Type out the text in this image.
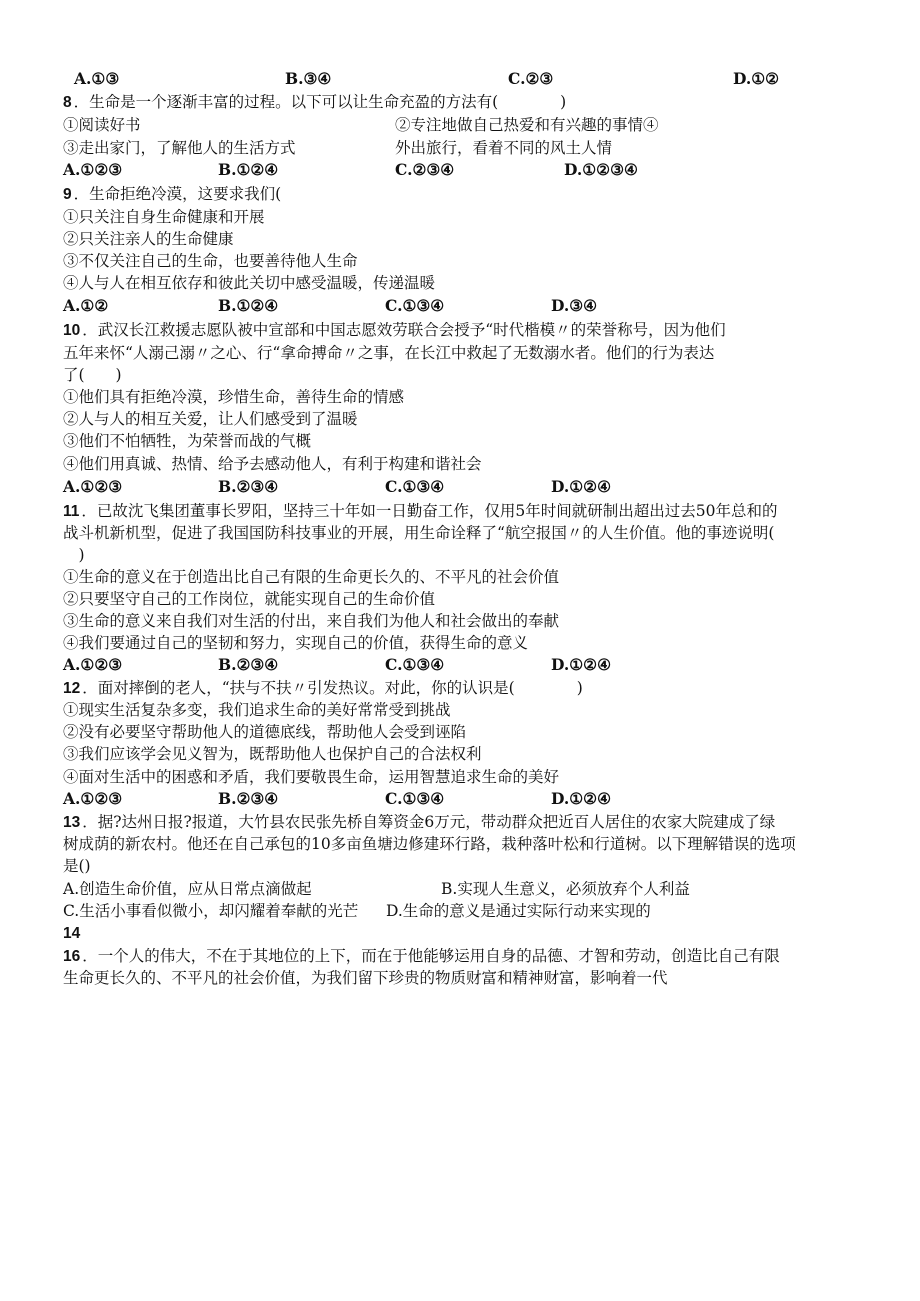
A.①③	B.③④	C.②③	D.①②
8 ．生命是一个逐渐丰富的过程。以下可以让生命充盈的方法有(　　　　)
①阅读好书	②专注地做自己热爱和有兴趣的事情④
③走出家门，了解他人的生活方式	外出旅行，看着不同的风土人情
A.①②③	B.①②④	C.②③④	D.①②③④
9 ．生命拒绝冷漠，这要求我们(
①只关注自身生命健康和开展
②只关注亲人的生命健康
③不仅关注自己的生命，也要善待他人生命
④人与人在相互依存和彼此关切中感受温暖，传递温暖
A.①②	B.①②④	C.①③④	D.③④
10 ．武汉长江救援志愿队被中宣部和中国志愿效劳联合会授予“时代楷模〃的荣誉称号，因为他们
五年来怀“人溺己溺〃之心、行“拿命搏命〃之事，在长江中救起了无数溺水者。他们的行为表达
了(　　)
①他们具有拒绝冷漠，珍惜生命，善待生命的情感
②人与人的相互关爱，让人们感受到了温暖
③他们不怕牺牲，为荣誉而战的气概
④他们用真诚、热情、给予去感动他人，有利于构建和谐社会
A.①②③	B.②③④	C.①③④	D.①②④
11 ．已故沈飞集团董事长罗阳，坚持三十年如一日勤奋工作，仅用5年时间就研制出超出过去50年总和的
战斗机新机型，促进了我国国防科技事业的开展，用生命诠释了“航空报国〃的人生价值。他的事迹说明(
　)
①生命的意义在于创造出比自己有限的生命更长久的、不平凡的社会价值
②只要坚守自己的工作岗位，就能实现自己的生命价值
③生命的意义来自我们对生活的付出，来自我们为他人和社会做出的奉献
④我们要通过自己的坚韧和努力，实现自己的价值，获得生命的意义
A.①②③	B.②③④	C.①③④	D.①②④
12 ．面对摔倒的老人，“扶与不扶〃引发热议。对此，你的认识是(　　　　)
①现实生活复杂多变，我们追求生命的美好常常受到挑战
②没有必要坚守帮助他人的道德底线，帮助他人会受到诬陷
③我们应该学会见义智为，既帮助他人也保护自己的合法权利
④面对生活中的困惑和矛盾，我们要敬畏生命，运用智慧追求生命的美好
A.①②③	B.②③④	C.①③④	D.①②④
13 ．据?达州日报?报道，大竹县农民张先桥自筹资金6万元，带动群众把近百人居住的农家大院建成了绿
树成荫的新农村。他还在自己承包的10多亩鱼塘边修建环行路，栽种落叶松和行道树。以下理解错误的选项
是()
A.创造生命价值，应从日常点滴做起	B.实现人生意义，必须放弃个人利益
C.生活小事看似微小，却闪耀着奉献的光芒 D.生命的意义是通过实际行动来实现的
14
16 ．一个人的伟大，不在于其地位的上下，而在于他能够运用自身的品德、才智和劳动，创造比自己有限
生命更长久的、不平凡的社会价值，为我们留下珍贵的物质财富和精神财富，影响着一代
